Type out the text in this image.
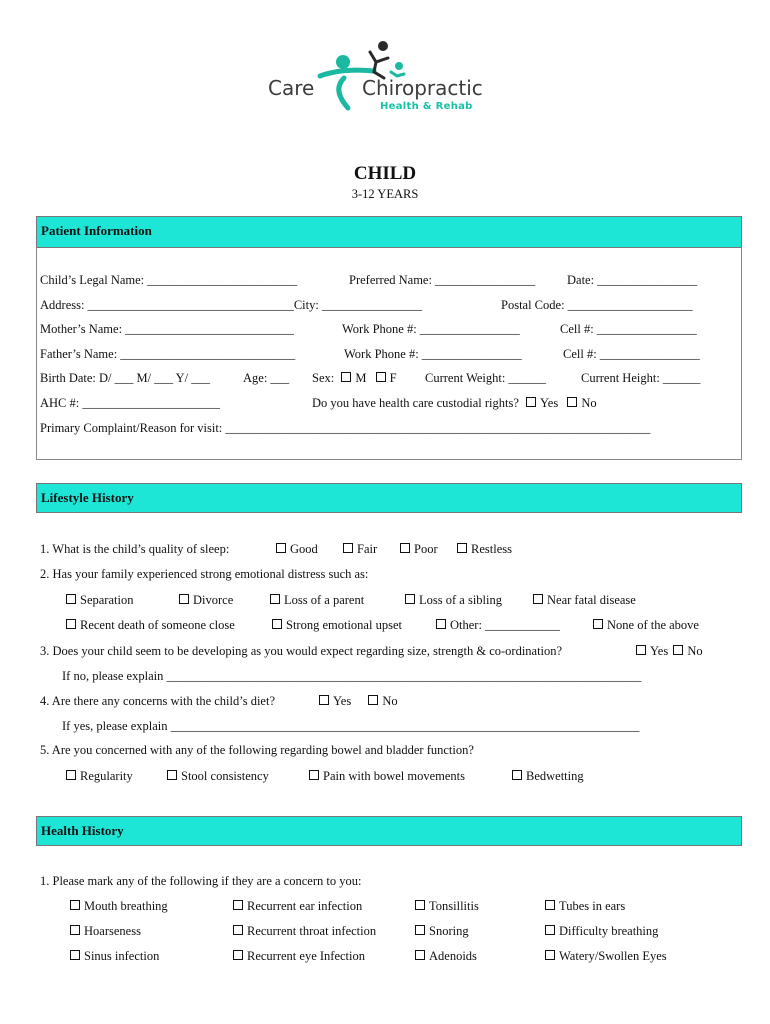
Care Chiropractic
Health & Rehab
CHILD
3-12 YEARS
Patient Information
Child’s Legal Name: ________________________	Preferred Name: ________________	Date: ________________
Address: _________________________________City: ________________	Postal Code: ____________________
Mother’s Name: ___________________________	Work Phone #: ________________	Cell #: ________________
Father’s Name: ____________________________	Work Phone #: ________________	Cell #: ________________
Birth Date: D/ ___ M/ ___ Y/ ___	Age: ___ Sex: M F Current Weight: ______	Current Height: ______
AHC #: ______________________	Do you have health care custodial rights? Yes No
Primary Complaint/Reason for visit: ____________________________________________________________________
Lifestyle History
1. What is the child’s quality of sleep:	Good	Fair	Poor	Restless
2. Has your family experienced strong emotional distress such as:
Separation	Divorce	Loss of a parent	Loss of a sibling	Near fatal disease
Recent death of someone close	Strong emotional upset	Other: ____________	None of the above
3. Does your child seem to be developing as you would expect regarding size, strength & co-ordination?	Yes No
If no, please explain ____________________________________________________________________________
4. Are there any concerns with the child’s diet?	Yes No
If yes, please explain ___________________________________________________________________________
5. Are you concerned with any of the following regarding bowel and bladder function?
Regularity	Stool consistency	Pain with bowel movements	Bedwetting
Health History
1. Please mark any of the following if they are a concern to you:
Mouth breathing	Recurrent ear infection	Tonsillitis	Tubes in ears
Hoarseness	Recurrent throat infection	Snoring	Difficulty breathing
Sinus infection	Recurrent eye Infection	Adenoids	Watery/Swollen Eyes
